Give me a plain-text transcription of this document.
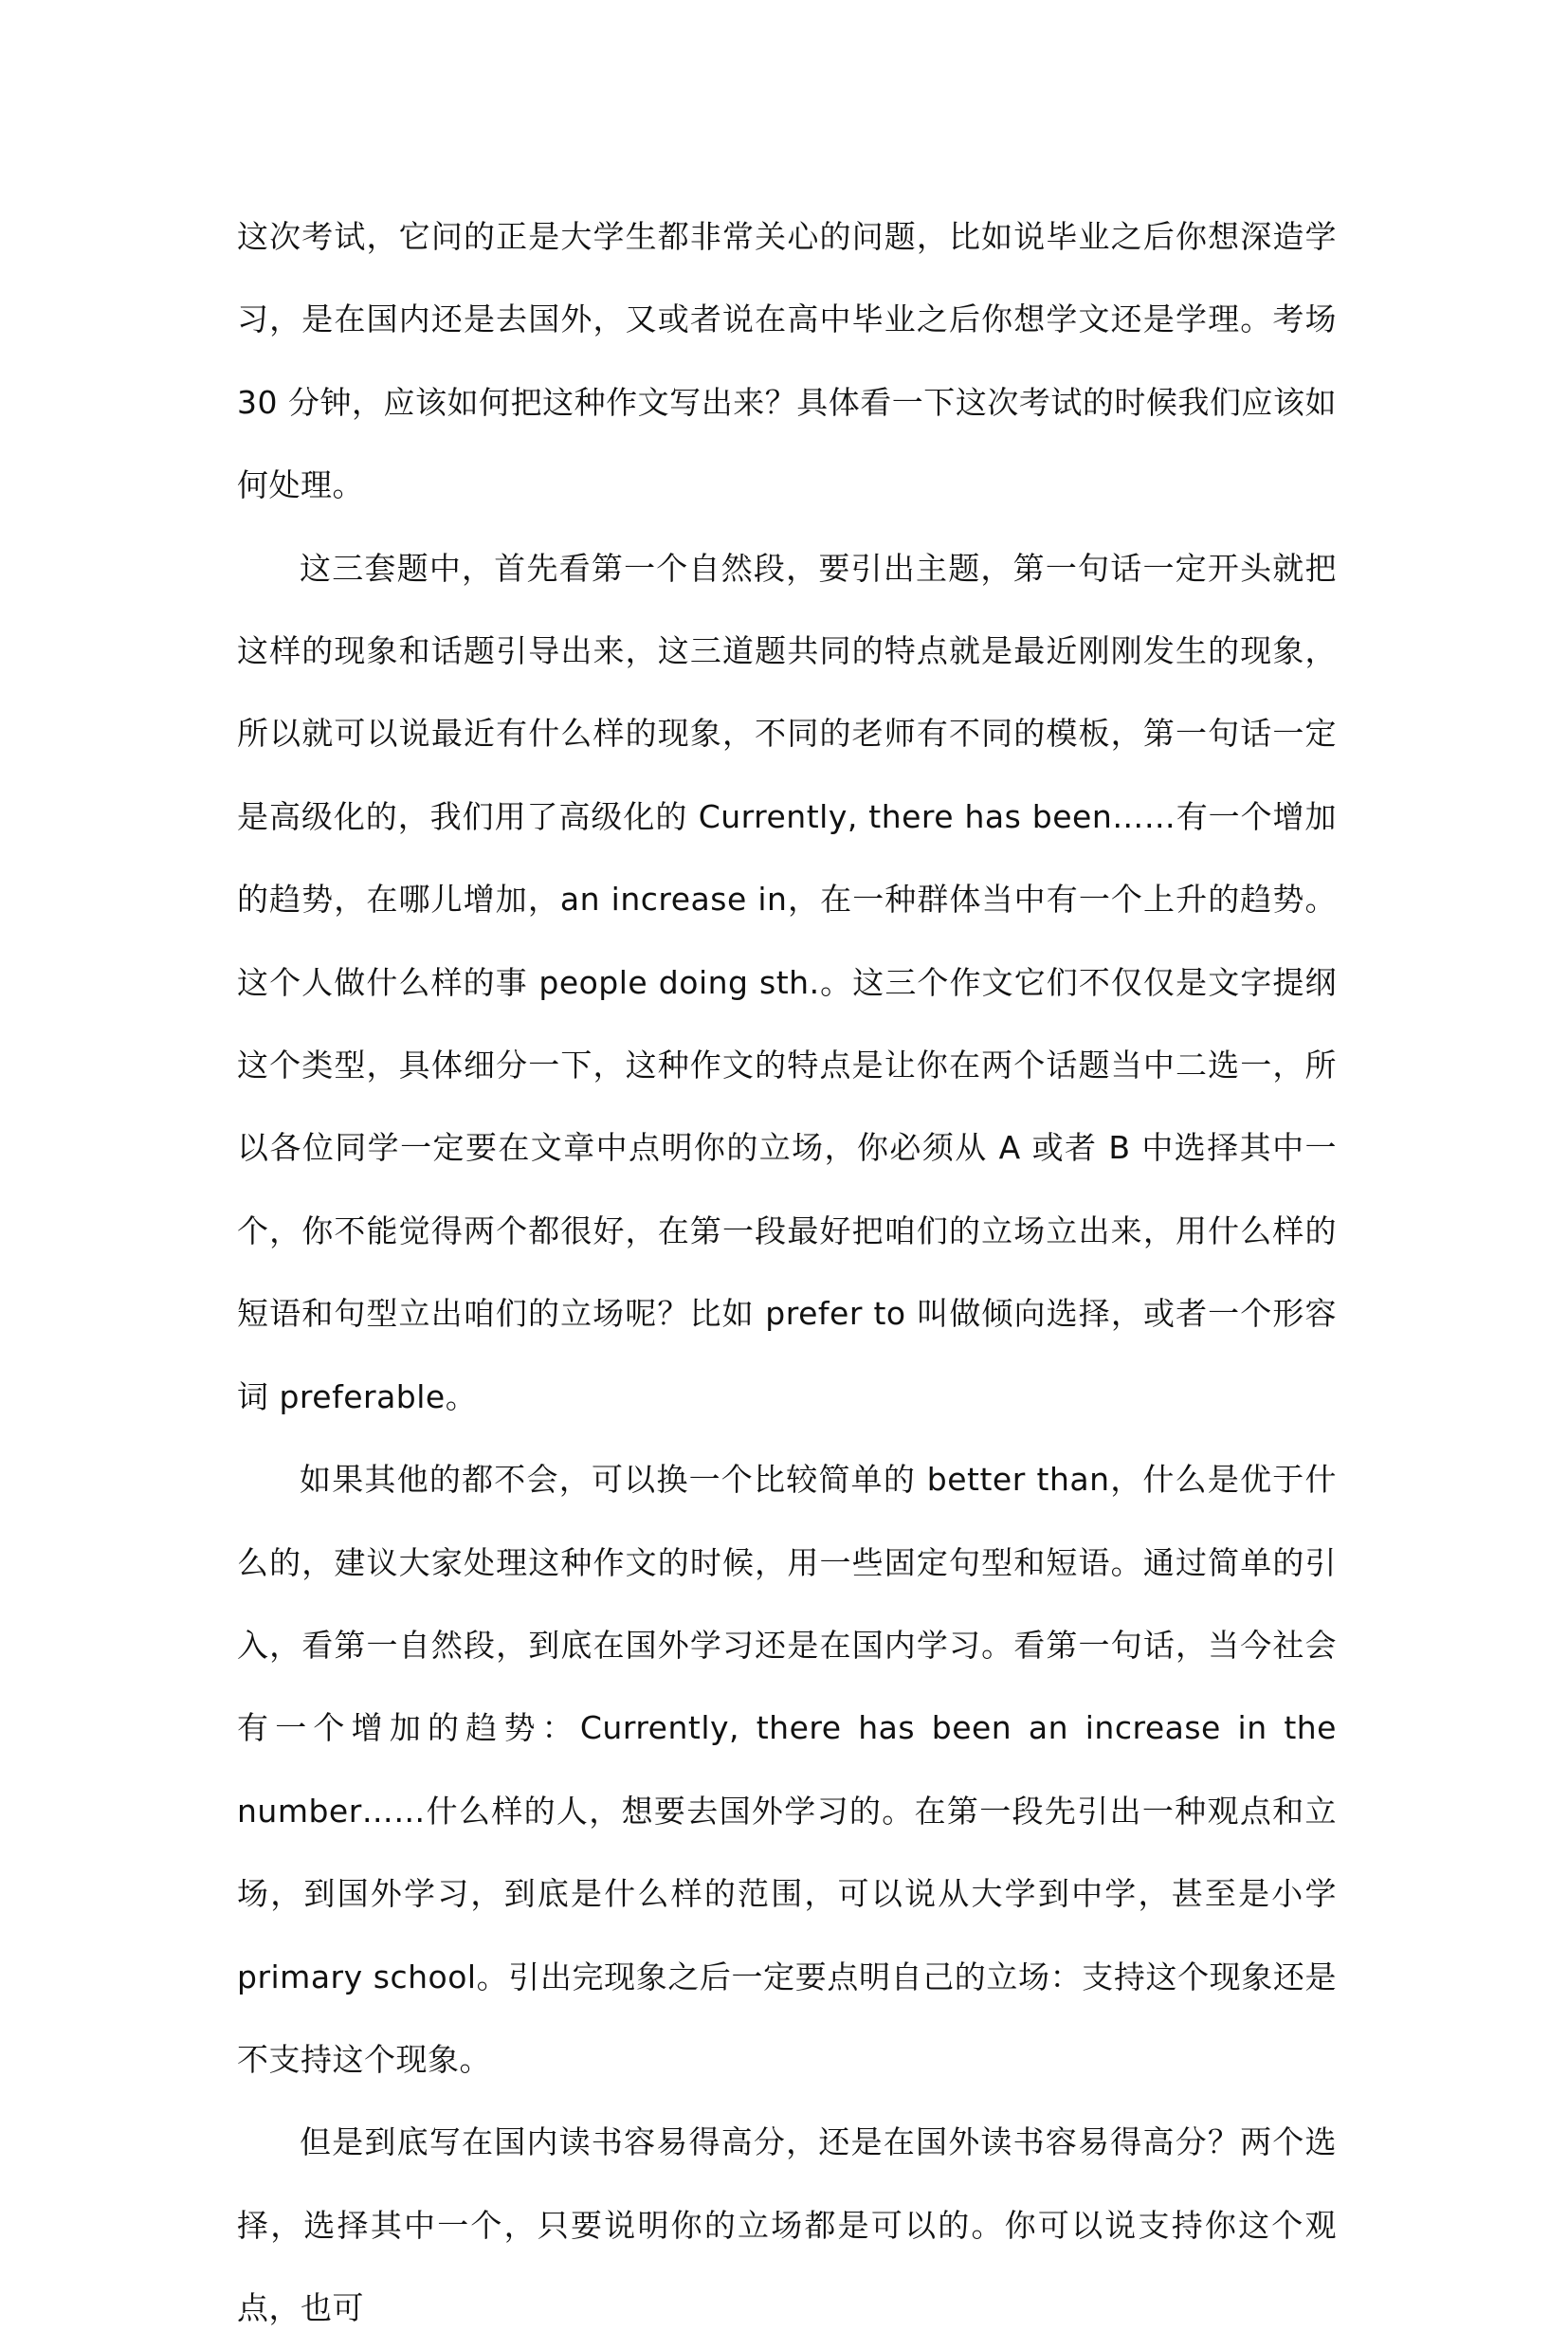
这次考试，它问的正是大学生都非常关心的问题，比如说毕业之后你想深造学习，是在国内还是去国外，又或者说在高中毕业之后你想学文还是学理。考场 30 分钟，应该如何把这种作文写出来？具体看一下这次考试的时候我们应该如何处理。

这三套题中，首先看第一个自然段，要引出主题，第一句话一定开头就把这样的现象和话题引导出来，这三道题共同的特点就是最近刚刚发生的现象，所以就可以说最近有什么样的现象，不同的老师有不同的模板，第一句话一定是高级化的，我们用了高级化的 Currently, there has been……有一个增加的趋势，在哪儿增加，an increase in，在一种群体当中有一个上升的趋势。这个人做什么样的事 people doing sth.。这三个作文它们不仅仅是文字提纲这个类型，具体细分一下，这种作文的特点是让你在两个话题当中二选一，所以各位同学一定要在文章中点明你的立场，你必须从 A 或者 B 中选择其中一个，你不能觉得两个都很好，在第一段最好把咱们的立场立出来，用什么样的短语和句型立出咱们的立场呢？比如 prefer to 叫做倾向选择，或者一个形容词 preferable。

如果其他的都不会，可以换一个比较简单的 better than，什么是优于什么的，建议大家处理这种作文的时候，用一些固定句型和短语。通过简单的引入，看第一自然段，到底在国外学习还是在国内学习。看第一句话，当今社会有一个增加的趋势：Currently, there has been an increase in the number……什么样的人，想要去国外学习的。在第一段先引出一种观点和立场，到国外学习，到底是什么样的范围，可以说从大学到中学，甚至是小学 primary school。引出完现象之后一定要点明自己的立场：支持这个现象还是不支持这个现象。

但是到底写在国内读书容易得高分，还是在国外读书容易得高分？两个选择，选择其中一个，只要说明你的立场都是可以的。你可以说支持你这个观点，也可
